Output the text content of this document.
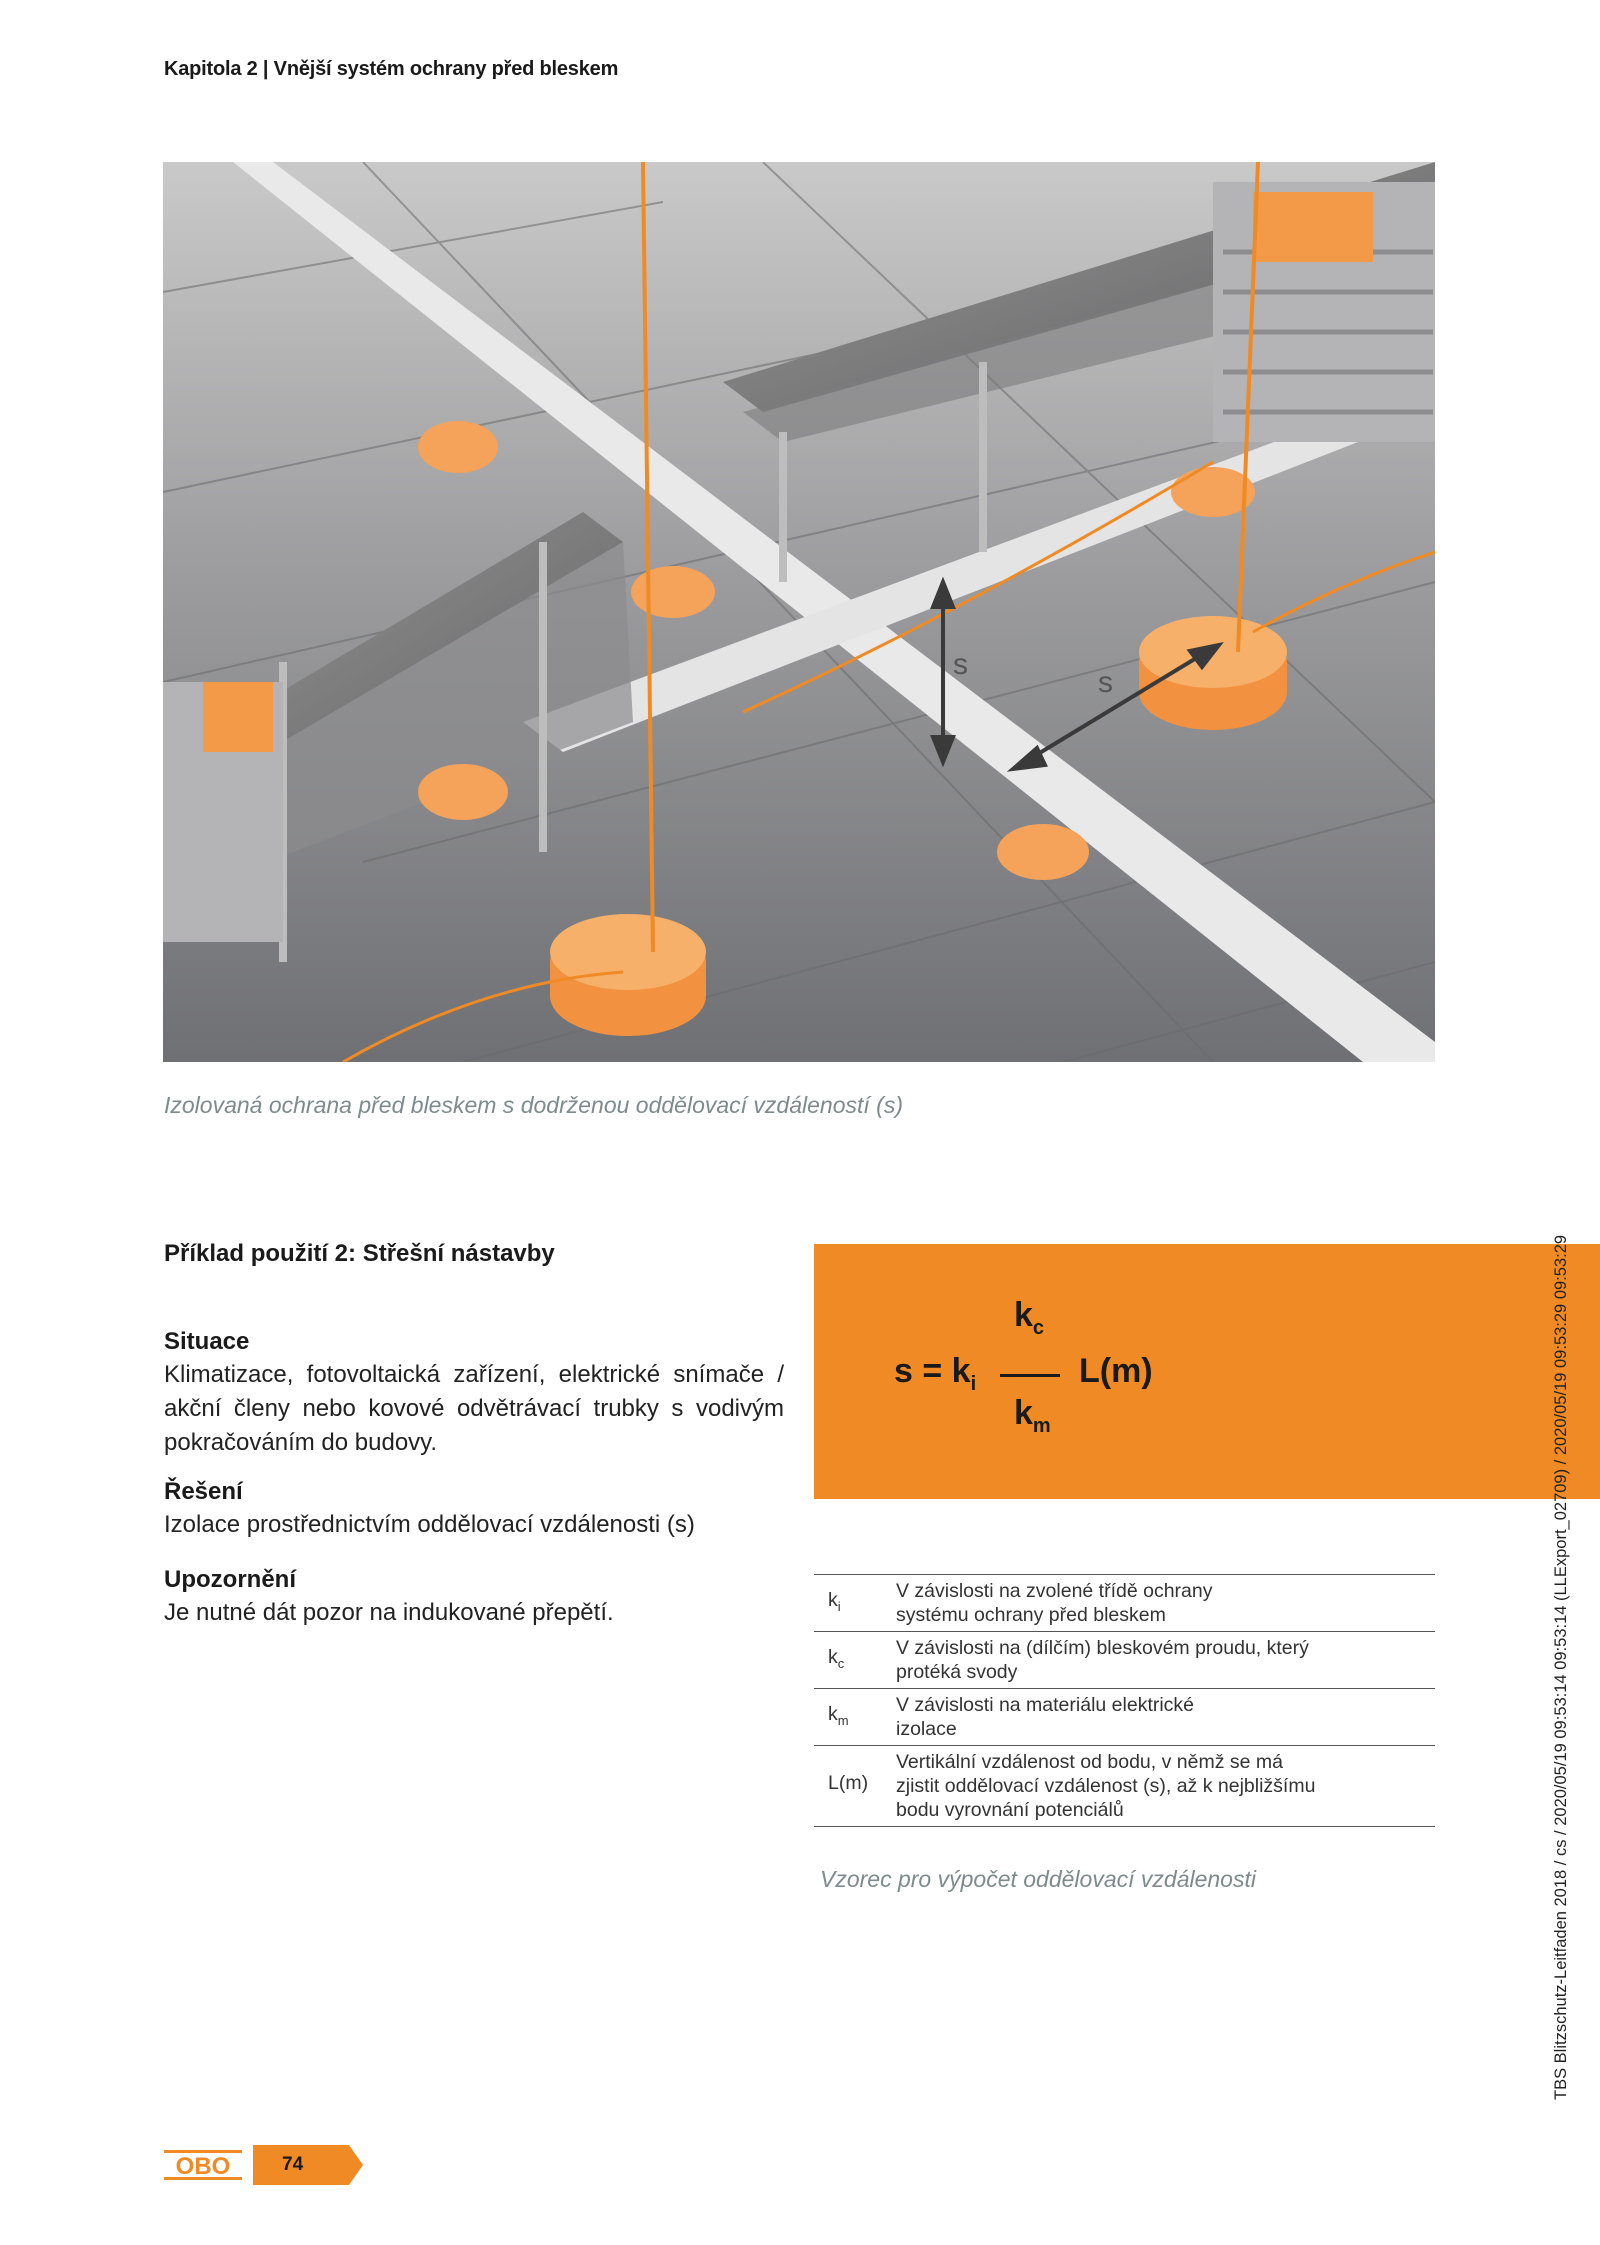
Kapitola 2 | Vnější systém ochrany před bleskem
s
s
Izolovaná ochrana před bleskem s dodrženou oddělovací vzdáleností (s)
Příklad použití 2: Střešní nástavby
Situace

Klimatizace, fotovoltaická zařízení, elektrické snímače / akční členy nebo kovové odvětrávací trubky s vodivým pokračováním do budovy.

Řešení

Izolace prostřednictvím oddělovací vzdálenosti (s)

Upozornění

Je nutné dát pozor na indukované přepětí.

$s = k_i$
$k_c$
$k_m$
L(m)
$k_i$	V závislosti na zvolené třídě ochrany
systému ochrany před bleskem

$k_c$	V závislosti na (dílčím) bleskovém proudu, který
protéká svody

$k_m$	V závislosti na materiálu elektrické
izolace

L(m)	Vertikální vzdálenost od bodu, v němž se má
zjistit oddělovací vzdálenost (s), až k nejbližšímu
bodu vyrovnání potenciálů
Vzorec pro výpočet oddělovací vzdálenosti	TBS Blitzschutz-Leitfaden 2018 / cs / 2020/05/19 09:53:14 09:53:14 (LLExport_02709) / 2020/05/19 09:53:29 09:53:29
OBO	74
